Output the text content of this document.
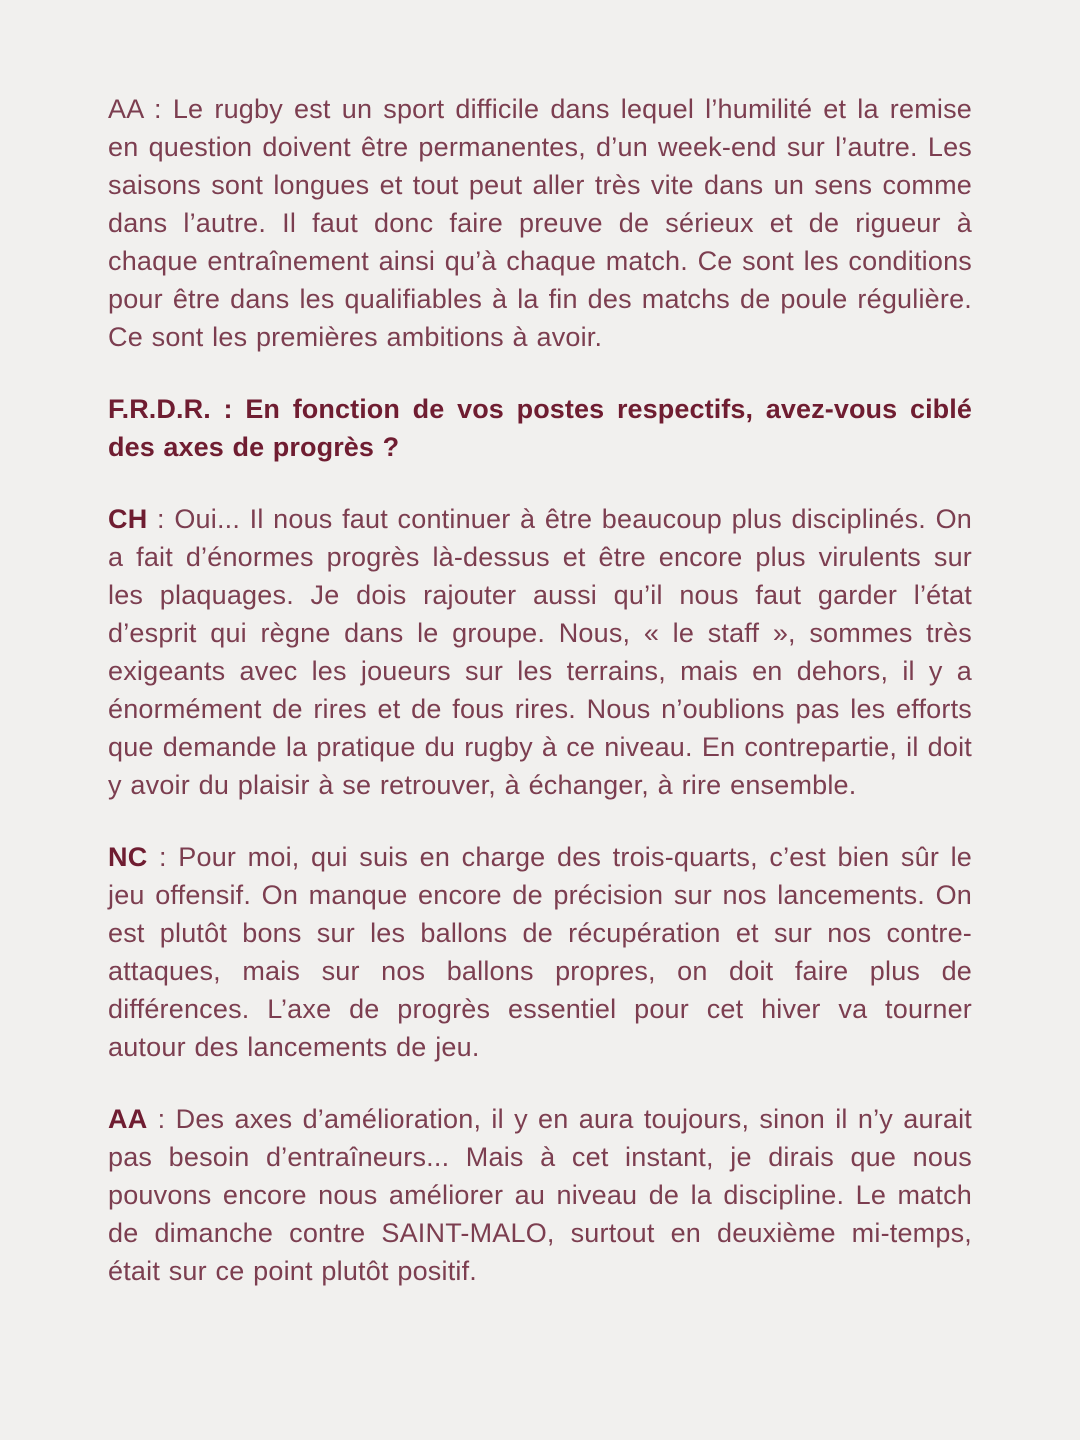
AA : Le rugby est un sport difficile dans lequel l’humilité et la remise en question doivent être permanentes, d’un week-end sur l’autre. Les saisons sont longues et tout peut aller très vite dans un sens comme dans l’autre. Il faut donc faire preuve de sérieux et de rigueur à chaque entraînement ainsi qu’à chaque match. Ce sont les conditions pour être dans les qualifiables à la fin des matchs de poule régulière. Ce sont les premières ambitions à avoir.

F.R.D.R. : En fonction de vos postes respectifs, avez-vous ciblé des axes de progrès ?

CH : Oui... Il nous faut continuer à être beaucoup plus disciplinés. On a fait d’énormes progrès là-dessus et être encore plus virulents sur les plaquages. Je dois rajouter aussi qu’il nous faut garder l’état d’esprit qui règne dans le groupe. Nous, « le staff », sommes très exigeants avec les joueurs sur les terrains, mais en dehors, il y a énormément de rires et de fous rires. Nous n’oublions pas les efforts que demande la pratique du rugby à ce niveau. En contrepartie, il doit y avoir du plaisir à se retrouver, à échanger, à rire ensemble.

NC : Pour moi, qui suis en charge des trois-quarts, c’est bien sûr le jeu offensif. On manque encore de précision sur nos lancements. On est plutôt bons sur les ballons de récupération et sur nos contre-attaques, mais sur nos ballons propres, on doit faire plus de différences. L’axe de progrès essentiel pour cet hiver va tourner autour des lancements de jeu.

AA : Des axes d’amélioration, il y en aura toujours, sinon il n’y aurait pas besoin d’entraîneurs... Mais à cet instant, je dirais que nous pouvons encore nous améliorer au niveau de la discipline. Le match de dimanche contre SAINT-MALO, surtout en deuxième mi-temps, était sur ce point plutôt positif.
